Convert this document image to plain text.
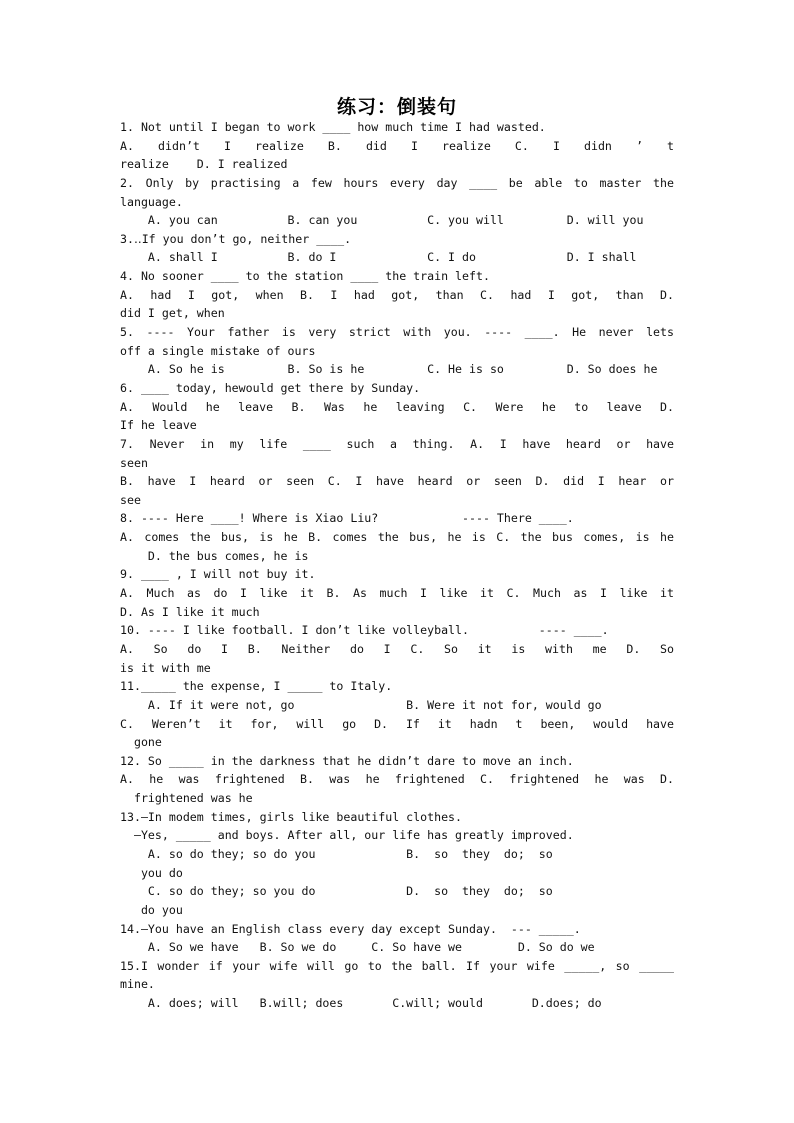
练习：倒装句
1. Not until I began to work ____ how much time I had wasted.
A. didn’t I realize B. did I realize C. I didn ’ t
realize    D. I realized
2. Only by practising a few hours every day ____ be able to master the
language.
A. you can          B. can you          C. you will         D. will you
3.‥If you don’t go, neither ____.
A. shall I          B. do I             C. I do             D. I shall
4. No sooner ____ to the station ____ the train left.
A. had I got, when B. I had got, than C. had I got, than D.
did I get, when
5. ---- Your father is very strict with you. ---- ____. He never lets
off a single mistake of ours
A. So he is         B. So is he         C. He is so         D. So does he
6. ____ today, hewould get there by Sunday.
A. Would he leave B. Was he leaving C. Were he to leave D.
If he leave
7. Never in my life ____ such a thing. A. I have heard or have
seen
B. have I heard or seen C. I have heard or seen D. did I hear or
see
8. ---- Here ____! Where is Xiao Liu?            ---- There ____.
A. comes the bus, is he B. comes the bus, he is C. the bus comes, is he
D. the bus comes, he is
9. ____ , I will not buy it.
A. Much as do I like it B. As much I like it C. Much as I like it
D. As I like it much
10. ---- I like football. I don’t like volleyball.          ---- ____.
A. So do I B. Neither do I C. So it is with me D. So
is it with me
11._____ the expense, I _____ to Italy.
A. If it were not, go                B. Were it not for, would go
C. Weren’t it for, will go D. If it hadn t been, would have
gone
12. So _____ in the darkness that he didn’t dare to move an inch.
A. he was frightened B. was he frightened C. frightened he was D.
frightened was he
13.—In modem times, girls like beautiful clothes.
—Yes, _____ and boys. After all, our life has greatly improved.
A. so do they; so do you             B.  so  they  do;  so
you do
C. so do they; so you do             D.  so  they  do;  so
do you
14.—You have an English class every day except Sunday.  --- _____.
A. So we have   B. So we do     C. So have we        D. So do we
15.I wonder if your wife will go to the ball. If your wife _____, so _____
mine.
A. does; will   B.will; does       C.will; would       D.does; do
